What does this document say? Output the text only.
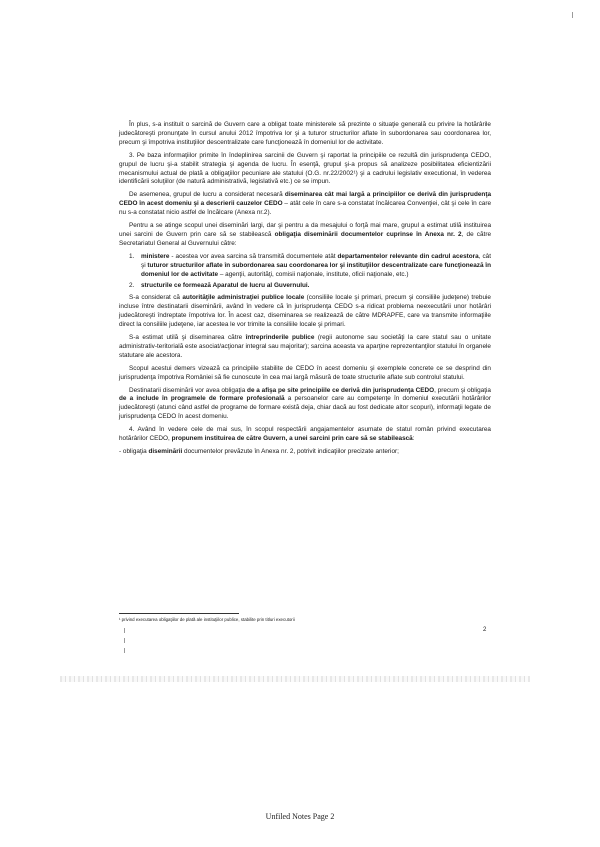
În plus, s-a instituit o sarcină de Guvern care a obligat toate ministerele să prezinte o situaţie generală cu privire la hotărârile judecătoreşti pronunţate în cursul anului 2012 împotriva lor şi a tuturor structurilor aflate în subordonarea sau coordonarea lor, precum şi împotriva instituţiilor descentralizate care funcţionează în domeniul lor de activitate.

3. Pe baza informaţiilor primite în îndeplinirea sarcinii de Guvern şi raportat la principiile ce rezultă din jurisprudenţa CEDO, grupul de lucru şi-a stabilit strategia şi agenda de lucru. În esenţă, grupul şi-a propus să analizeze posibilitatea eficientizării mecanismului actual de plată a obligaţiilor pecuniare ale statului (O.G. nr.22/2002¹) şi a cadrului legislativ executional, în vederea identificării soluţiilor (de natură administrativă, legislativă etc.) ce se impun.

De asemenea, grupul de lucru a considerat necesară diseminarea cât mai largă a principiilor ce derivă din jurisprudenţa CEDO în acest domeniu şi a descrierii cauzelor CEDO – atât cele în care s-a constatat încălcarea Convenţiei, cât şi cele în care nu s-a constatat nicio astfel de încălcare (Anexa nr.2).

Pentru a se atinge scopul unei diseminări largi, dar şi pentru a da mesajului o forţă mai mare, grupul a estimat utilă instituirea unei sarcini de Guvern prin care să se stabilească obligaţia diseminării documentelor cuprinse în Anexa nr. 2, de către Secretariatul General al Guvernului către:

1. ministere - acestea vor avea sarcina să transmită documentele atât departamentelor relevante din cadrul acestora, cât şi tuturor structurilor aflate în subordonarea sau coordonarea lor şi instituţiilor descentralizate care funcţionează în domeniul lor de activitate – agenţii, autorităţi, comisii naţionale, institute, oficii naţionale, etc.)
2. structurile ce formează Aparatul de lucru al Guvernului.

S-a considerat că autorităţile administraţiei publice locale (consiliile locale şi primari, precum şi consiliile judeţene) trebuie incluse între destinatarii diseminării, având în vedere că în jurisprudenţa CEDO s-a ridicat problema neexecutării unor hotărâri judecătoreşti îndreptate împotriva lor. În acest caz, diseminarea se realizează de către MDRAPFE, care va transmite informaţiile direct la consiliile judeţene, iar acestea le vor trimite la consiliile locale şi primari.

S-a estimat utilă şi diseminarea către întreprinderile publice (regii autonome sau societăţi la care statul sau o unitate administrativ-teritorială este asociat/acţionar integral sau majoritar); sarcina aceasta va aparţine reprezentanţilor statului în organele statutare ale acestora.

Scopul acestui demers vizează ca principiile stabilite de CEDO în acest domeniu şi exemplele concrete ce se desprind din jurisprudenţa împotriva României să fie cunoscute în cea mai largă măsură de toate structurile aflate sub controlul statului.

Destinatarii diseminării vor avea obligaţia de a afişa pe site principiile ce derivă din jurisprudenţa CEDO, precum şi obligaţia de a include în programele de formare profesională a persoanelor care au competenţe în domeniul executării hotărârilor judecătoreşti (atunci când astfel de programe de formare există deja, chiar dacă au fost dedicate altor scopuri), informaţii legate de jurisprudenţa CEDO în acest domeniu.

4. Având în vedere cele de mai sus, în scopul respectării angajamentelor asumate de statul român privind executarea hotărârilor CEDO, propunem instituirea de către Guvern, a unei sarcini prin care să se stabilească:

- obligaţia diseminării documentelor prevăzute în Anexa nr. 2, potrivit indicaţiilor precizate anterior;

¹ privind executarea obligaţiilor de plată ale instituţiilor publice, stabilite prin titluri executorii
2
Unfiled Notes Page 2
